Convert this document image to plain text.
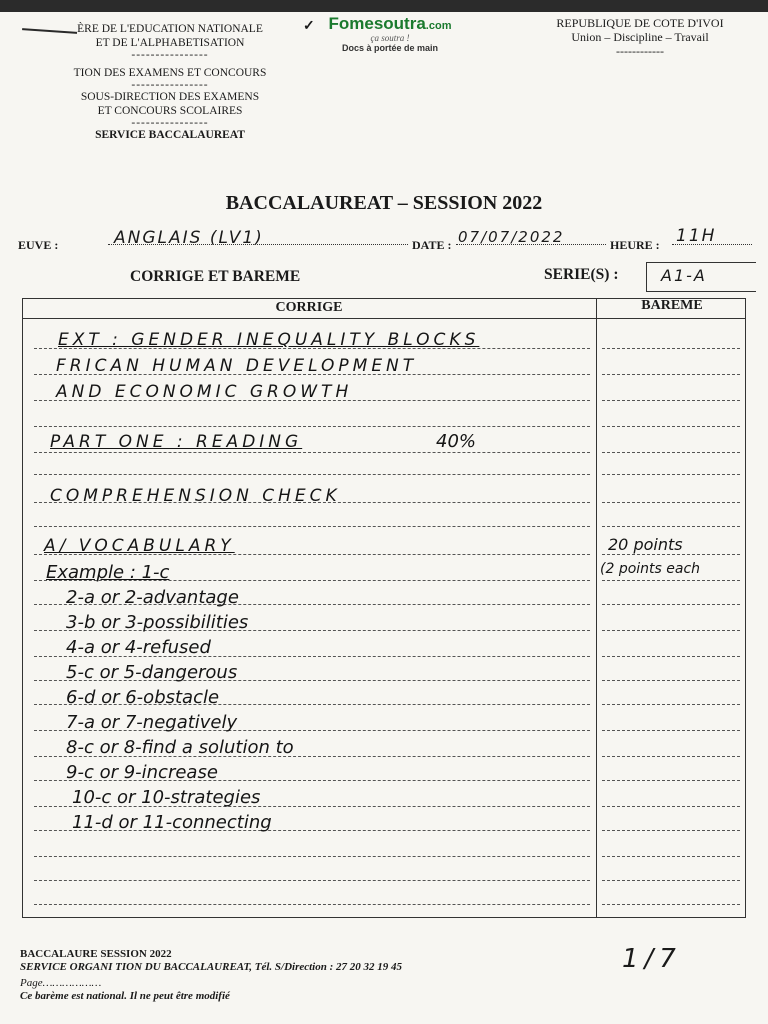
ÈRE DE L'EDUCATION NATIONALE
ET DE L'ALPHABETISATION
----------------
TION DES EXAMENS ET CONCOURS
----------------
SOUS-DIRECTION DES EXAMENS
ET CONCOURS SCOLAIRES
----------------
SERVICE BACCALAUREAT
✓ Fomesoutra.com
ça soutra !
Docs à portée de main
REPUBLIQUE DE COTE D'IVOI
Union – Discipline – Travail
------------
BACCALAUREAT – SESSION 2022
EUVE :	ANGLAIS (LV1)	DATE : 07/07/2022	HEURE : 11H
CORRIGE ET BAREME	SERIE(S) :	A1-A
CORRIGE	BAREME
EXT : GENDER INEQUALITY BLOCKS
FRICAN HUMAN DEVELOPMENT
AND ECONOMIC GROWTH
PART ONE : READING	40%
COMPREHENSION CHECK
A/ VOCABULARY	20 points
Example : 1-c	(2 points each
2-a or 2-advantage
3-b or 3-possibilities
4-a or 4-refused
5-c or 5-dangerous
6-d or 6-obstacle
7-a or 7-negatively
8-c or 8-find a solution to
9-c or 9-increase
10-c or 10-strategies
11-d or 11-connecting
BACCALAURE SESSION 2022
SERVICE ORGANI TION DU BACCALAUREAT, Tél. S/Direction : 27 20 32 19 45
Page………………
Ce barème est national. Il ne peut être modifié
1/7
